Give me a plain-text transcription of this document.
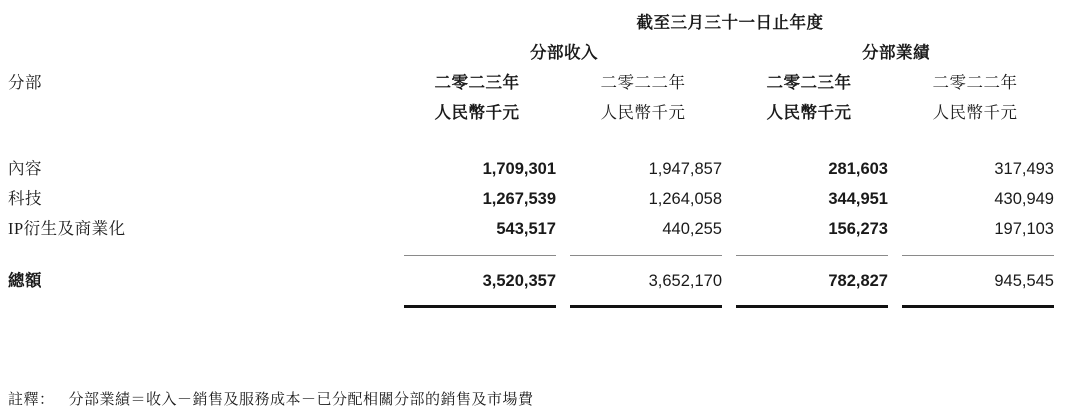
	截至三月三十一日止年度			
	分部收入		分部業績	
分部	二零二三年	二零二二年	二零二三年	二零二二年
	人民幣千元	人民幣千元	人民幣千元	人民幣千元

內容	1,709,301	1,947,857	281,603	317,493
科技	1,267,539	1,264,058	344,951	430,949
IP衍生及商業化	543,517	440,255	156,273	197,103

總額	3,520,357	3,652,170	782,827	945,545

註釋： 分部業績＝收入－銷售及服務成本－已分配相關分部的銷售及市場費
